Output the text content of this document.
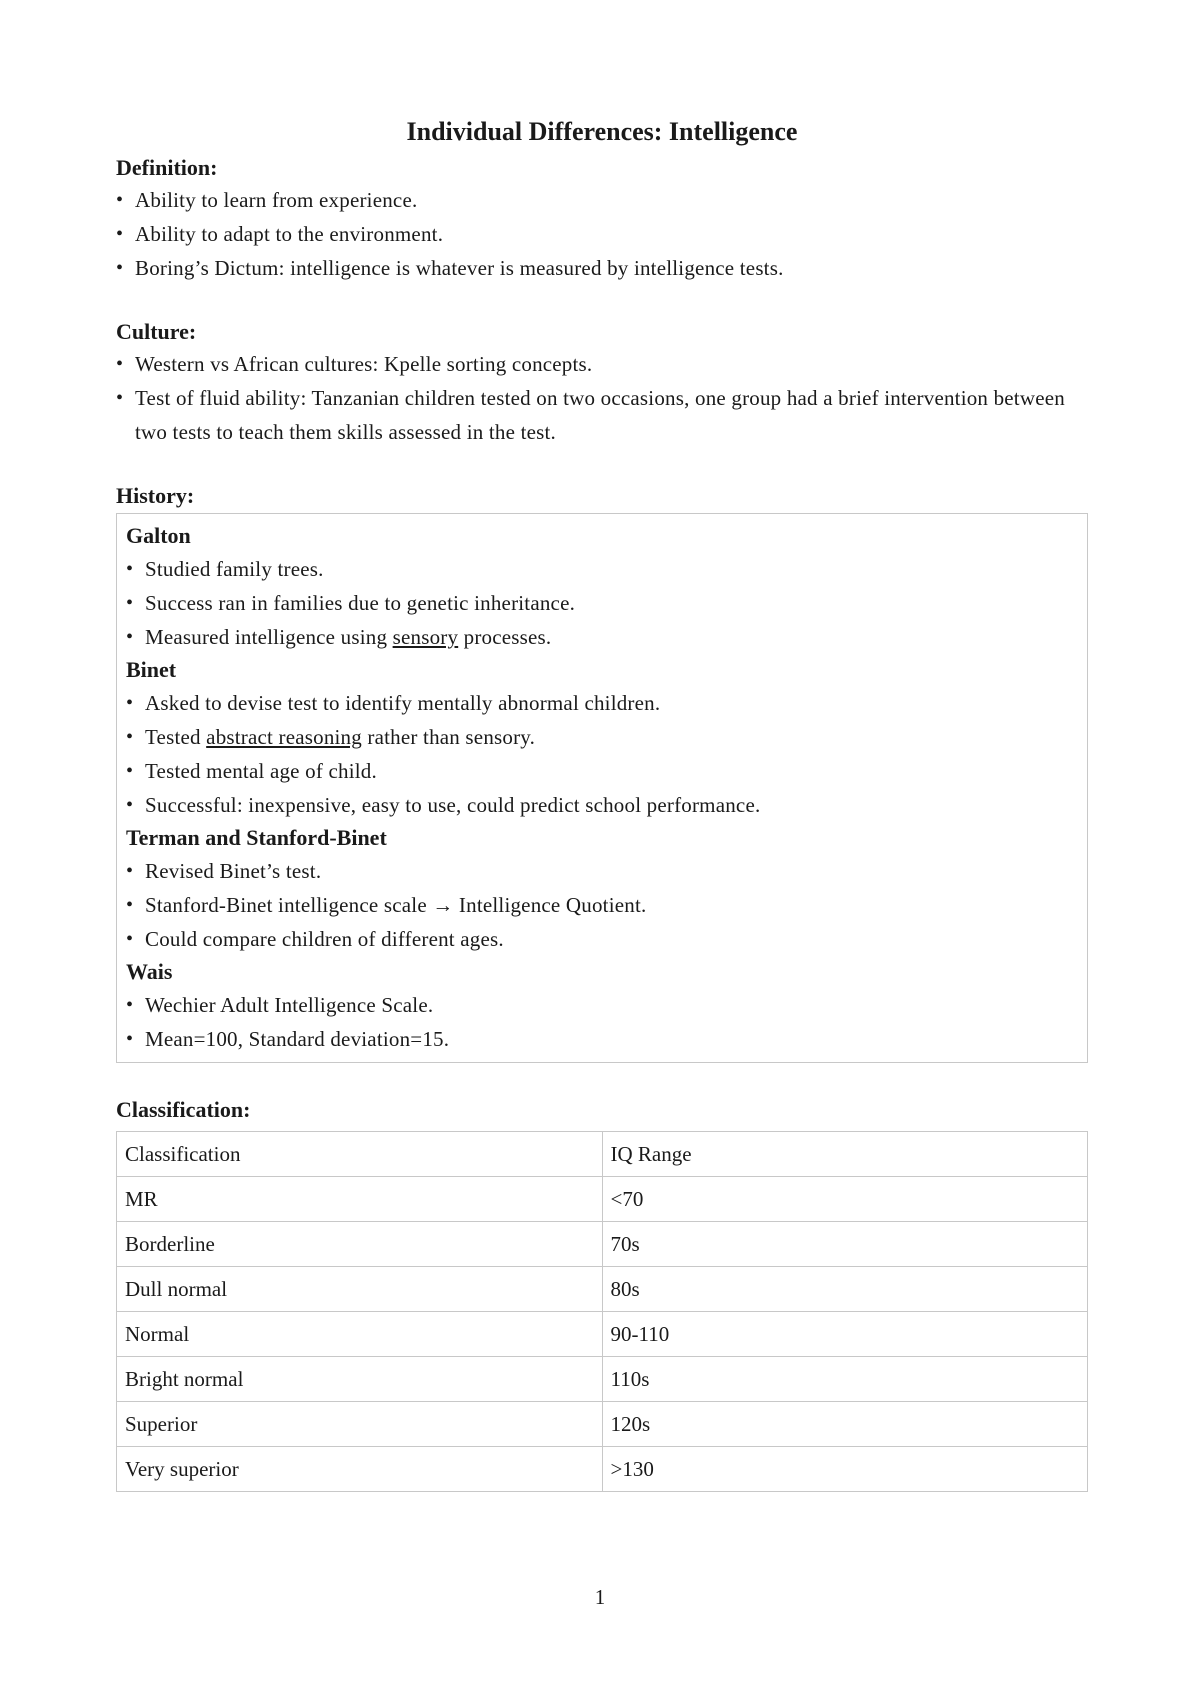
Individual Differences: Intelligence
Definition:
• Ability to learn from experience.
• Ability to adapt to the environment.
• Boring’s Dictum: intelligence is whatever is measured by intelligence tests.
Culture:
• Western vs African cultures: Kpelle sorting concepts.
• Test of fluid ability: Tanzanian children tested on two occasions, one group had a brief intervention between two tests to teach them skills assessed in the test.
History:
Galton
• Studied family trees.
• Success ran in families due to genetic inheritance.
• Measured intelligence using sensory processes.
Binet
• Asked to devise test to identify mentally abnormal children.
• Tested abstract reasoning rather than sensory.
• Tested mental age of child.
• Successful: inexpensive, easy to use, could predict school performance.
Terman and Stanford-Binet
• Revised Binet’s test.
• Stanford-Binet intelligence scale → Intelligence Quotient.
• Could compare children of different ages.
Wais
• Wechier Adult Intelligence Scale.
• Mean=100, Standard deviation=15.
Classification:
Classification	IQ Range
MR	<70
Borderline	70s
Dull normal	80s
Normal	90-110
Bright normal	110s
Superior	120s
Very superior	>130
1
